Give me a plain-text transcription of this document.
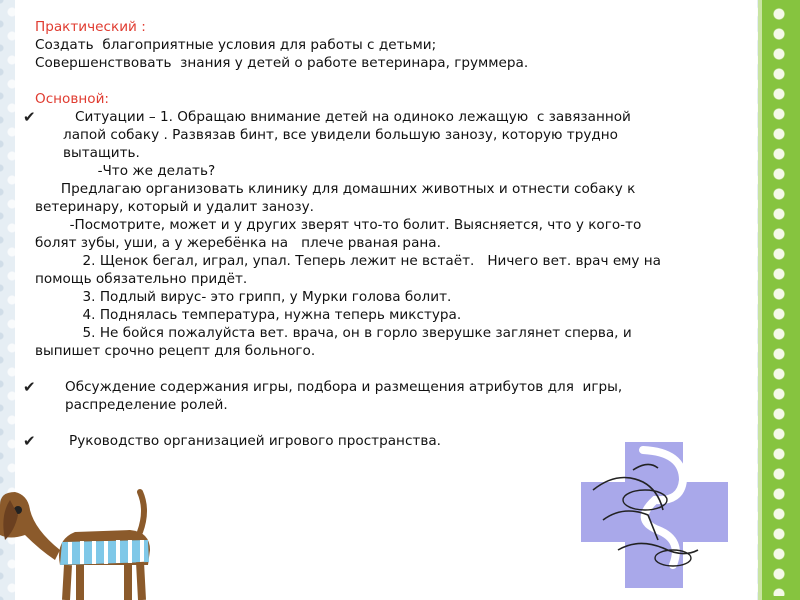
Практический :
Создать  благоприятные условия для работы с детьми;
Совершенствовать  знания у детей о работе ветеринара, груммера.
Основной:
✔	Ситуации – 1. Обращаю внимание детей на одиноко лежащую  с завязанной
лапой собаку . Развязав бинт, все увидели большую занозу, которую трудно
вытащить.
-Что же делать?
Предлагаю организовать клинику для домашних животных и отнести собаку к
ветеринару, который и удалит занозу.
-Посмотрите, может и у других зверят что-то болит. Выясняется, что у кого-то
болят зубы, уши, а у жеребёнка на   плече рваная рана.
2. Щенок бегал, играл, упал. Теперь лежит не встаёт.   Ничего вет. врач ему на
помощь обязательно придёт.
3. Подлый вирус- это грипп, у Мурки голова болит.
4. Поднялась температура, нужна теперь микстура.
5. Не бойся пожалуйста вет. врача, он в горло зверушке заглянет сперва, и
выпишет срочно рецепт для больного.
✔	Обсуждение содержания игры, подбора и размещения атрибутов для  игры,
распределение ролей.
✔	Руководство организацией игрового пространства.
